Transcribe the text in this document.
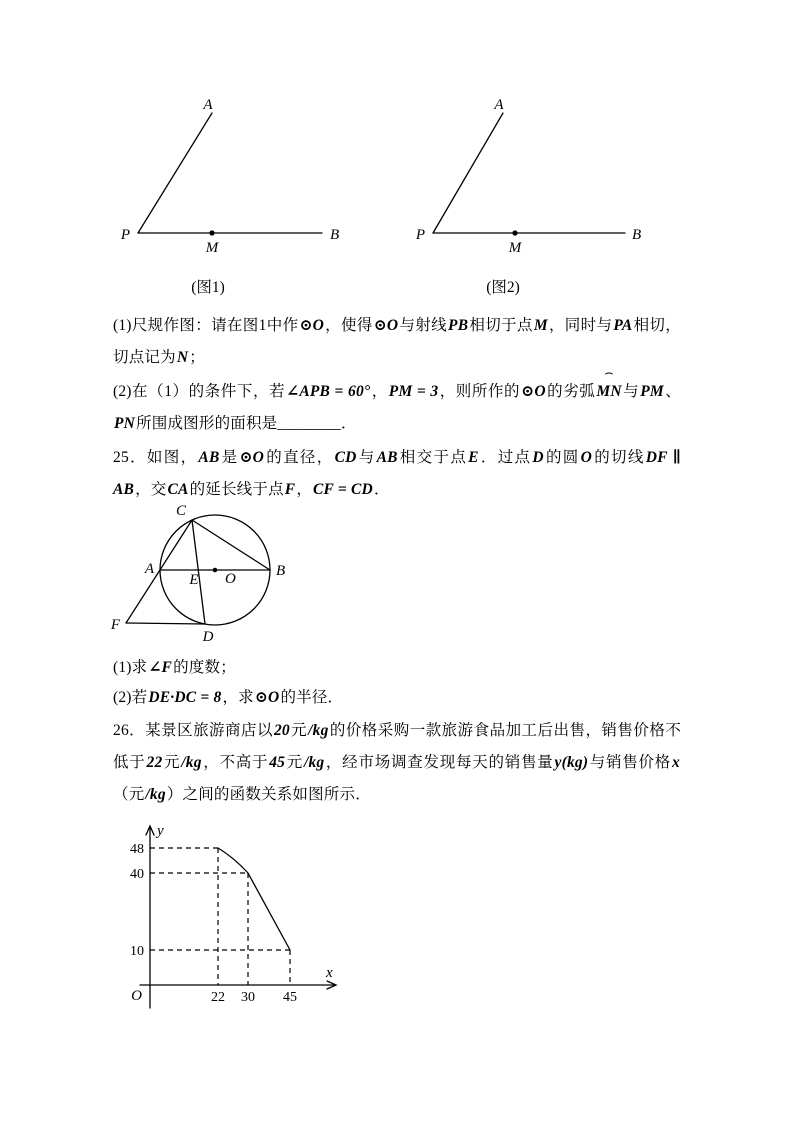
A
P
M
B
(图1)
A
P
M
B
(图2)
(1)尺规作图：请在图1中作⊙O，使得⊙O与射线PB相切于点M，同时与PA相切，切点记为N；
(2)在（1）的条件下，若∠APB = 60°，PM = 3，则所作的⊙O的劣弧
⌢
MN与PM、PN所围成图形的面积是________．
25．如图，AB是⊙O的直径，CD与AB相交于点E．过点D的圆O的切线DF ∥ AB，交CA的延长线于点F，CF = CD．
C
A
E O	B
F
D
(1)求∠F的度数；
(2)若DE·DC = 8，求⊙O的半径．
26．某景区旅游商店以20元/kg的价格采购一款旅游食品加工后出售，销售价格不低于22元/kg，不高于45元/kg，经市场调查发现每天的销售量y(kg)与销售价格x（元/kg）之间的函数关系如图所示．
y
x
O
48
40
10
22 30 45
